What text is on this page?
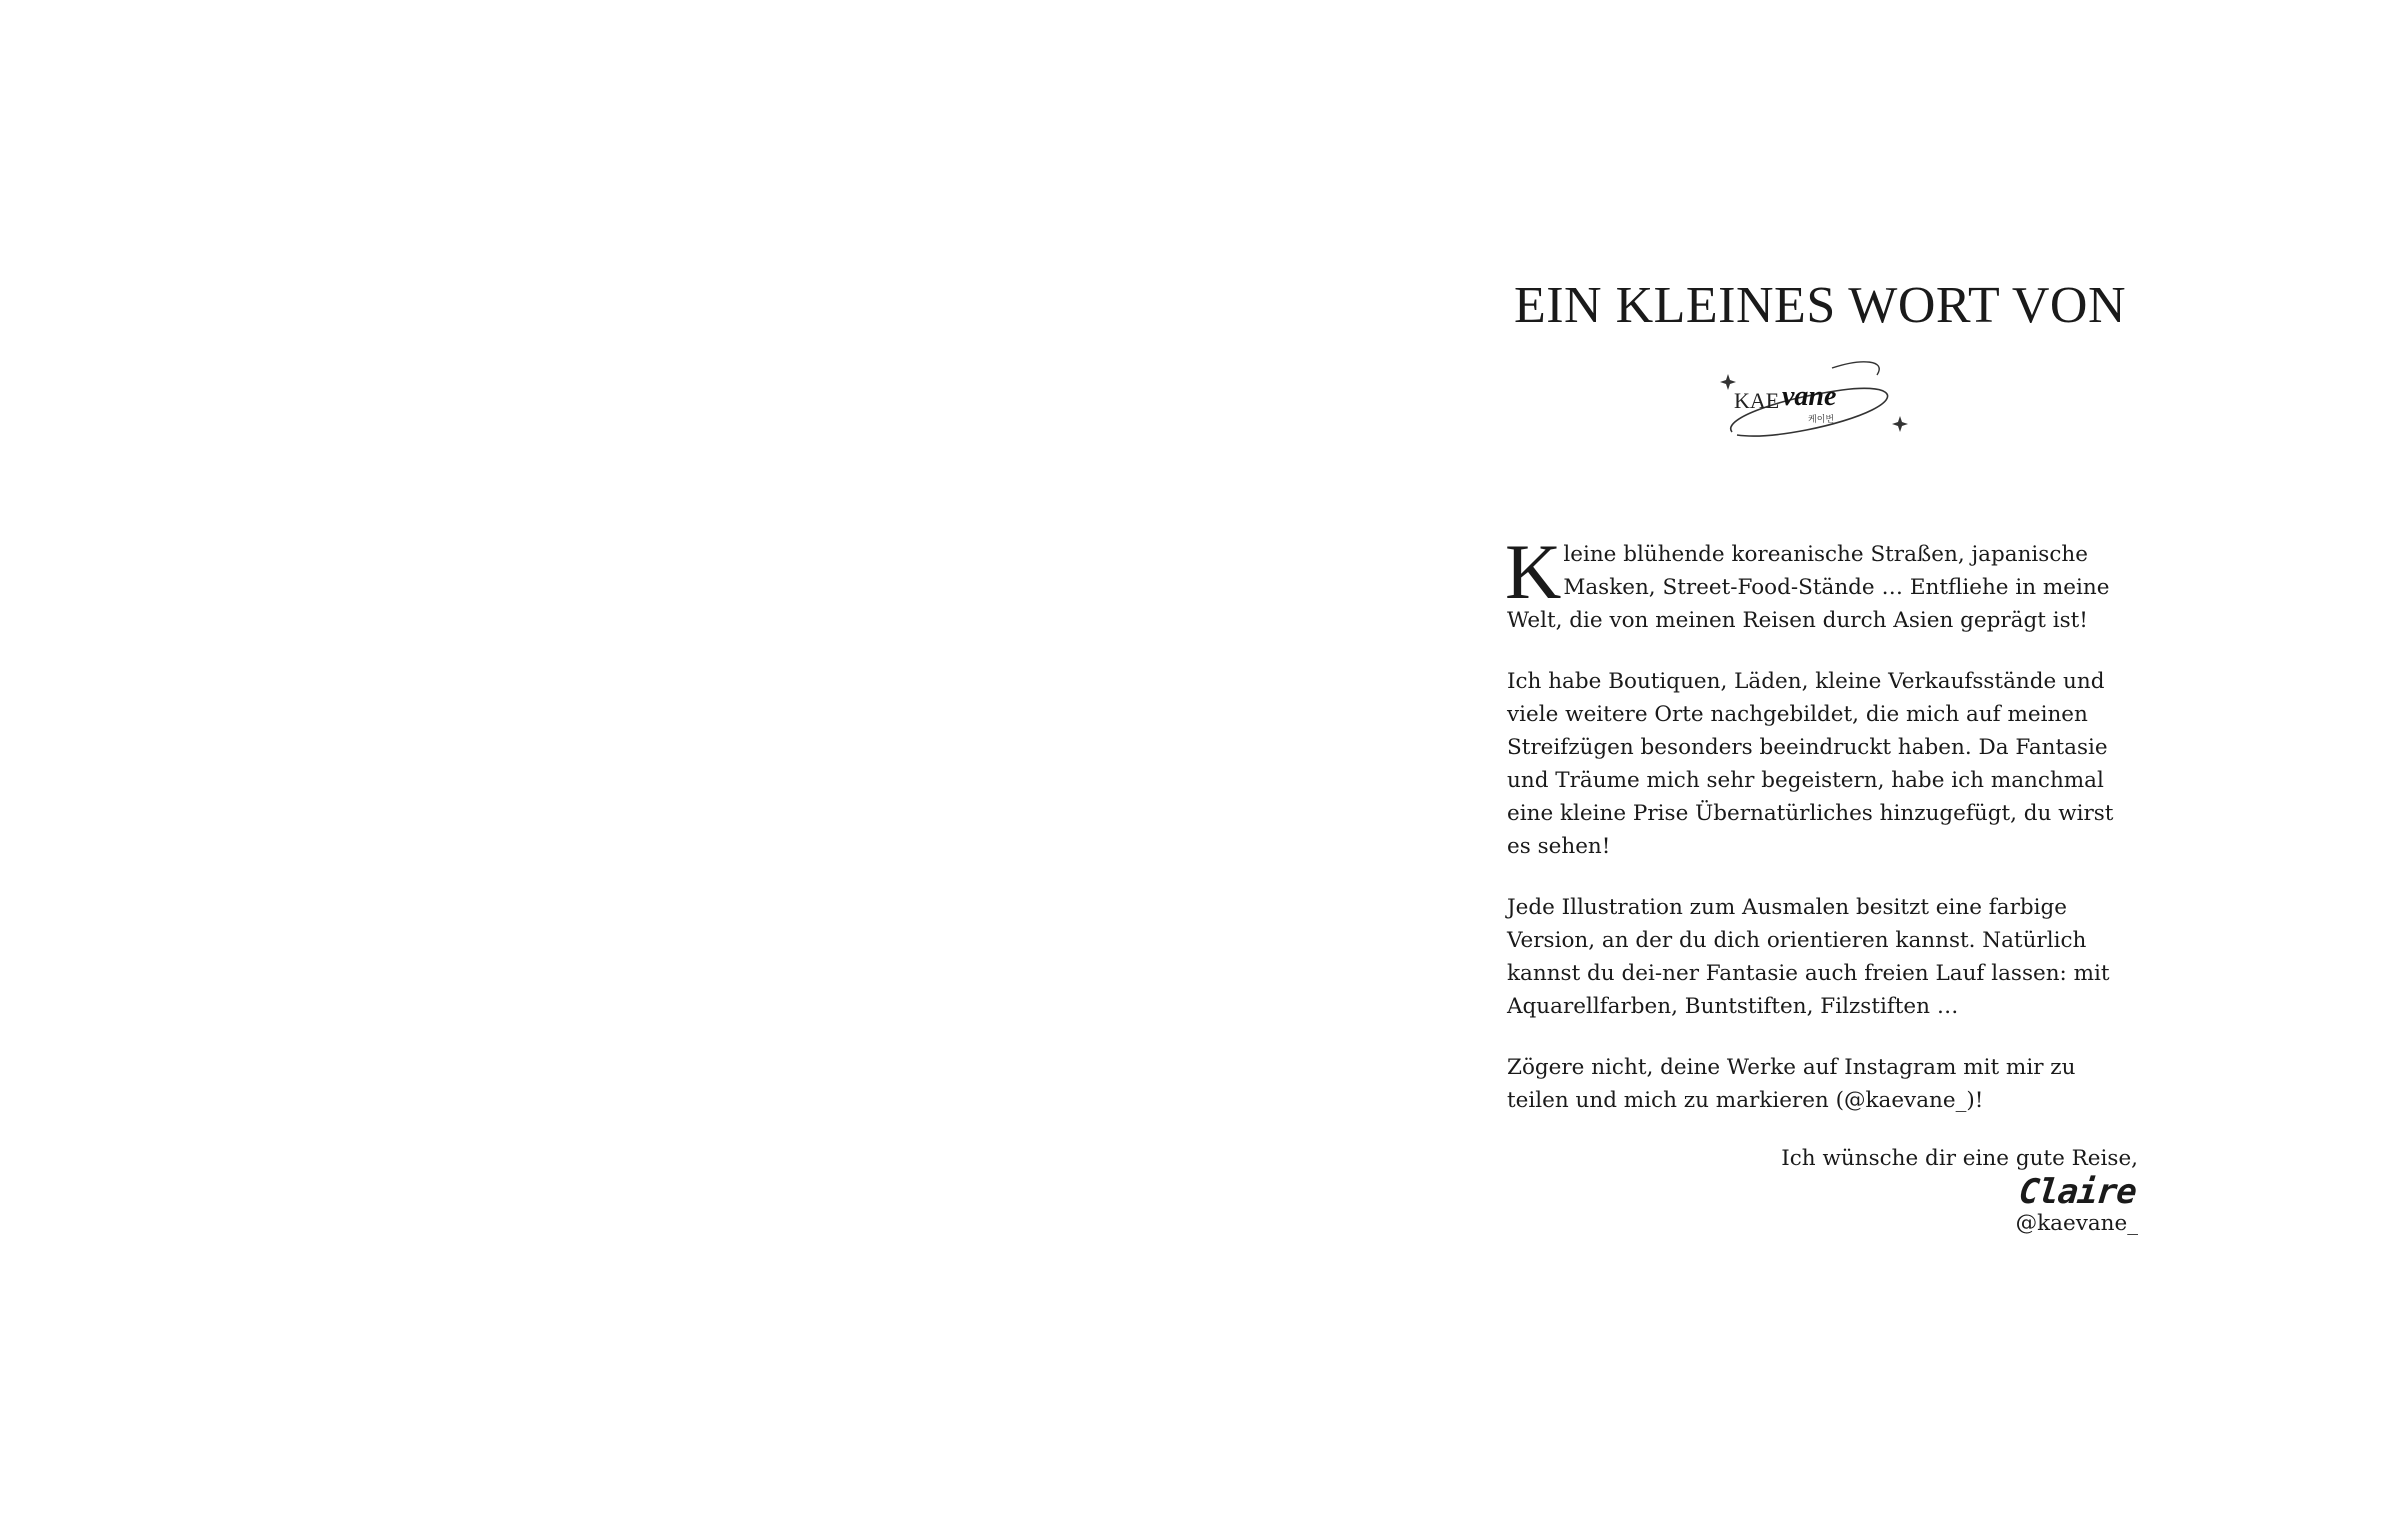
EIN KLEINES WORT VON
KAE vane
케이번

Kleine blühende koreanische Straßen, japanische Masken, Street-Food-Stände … Entfliehe in meine Welt, die von meinen Reisen durch Asien geprägt ist!

Ich habe Boutiquen, Läden, kleine Verkaufsstände und viele weitere Orte nachgebildet, die mich auf meinen Streifzügen besonders beeindruckt haben. Da Fantasie und Träume mich sehr begeistern, habe ich manchmal eine kleine Prise Übernatürliches hinzugefügt, du wirst es sehen!

Jede Illustration zum Ausmalen besitzt eine farbige Version, an der du dich orientieren kannst. Natürlich kannst du dei-ner Fantasie auch freien Lauf lassen: mit Aquarellfarben, Buntstiften, Filzstiften …

Zögere nicht, deine Werke auf Instagram mit mir zu teilen und mich zu markieren (@kaevane_)!

Ich wünsche dir eine gute Reise,
Claire
@kaevane_
